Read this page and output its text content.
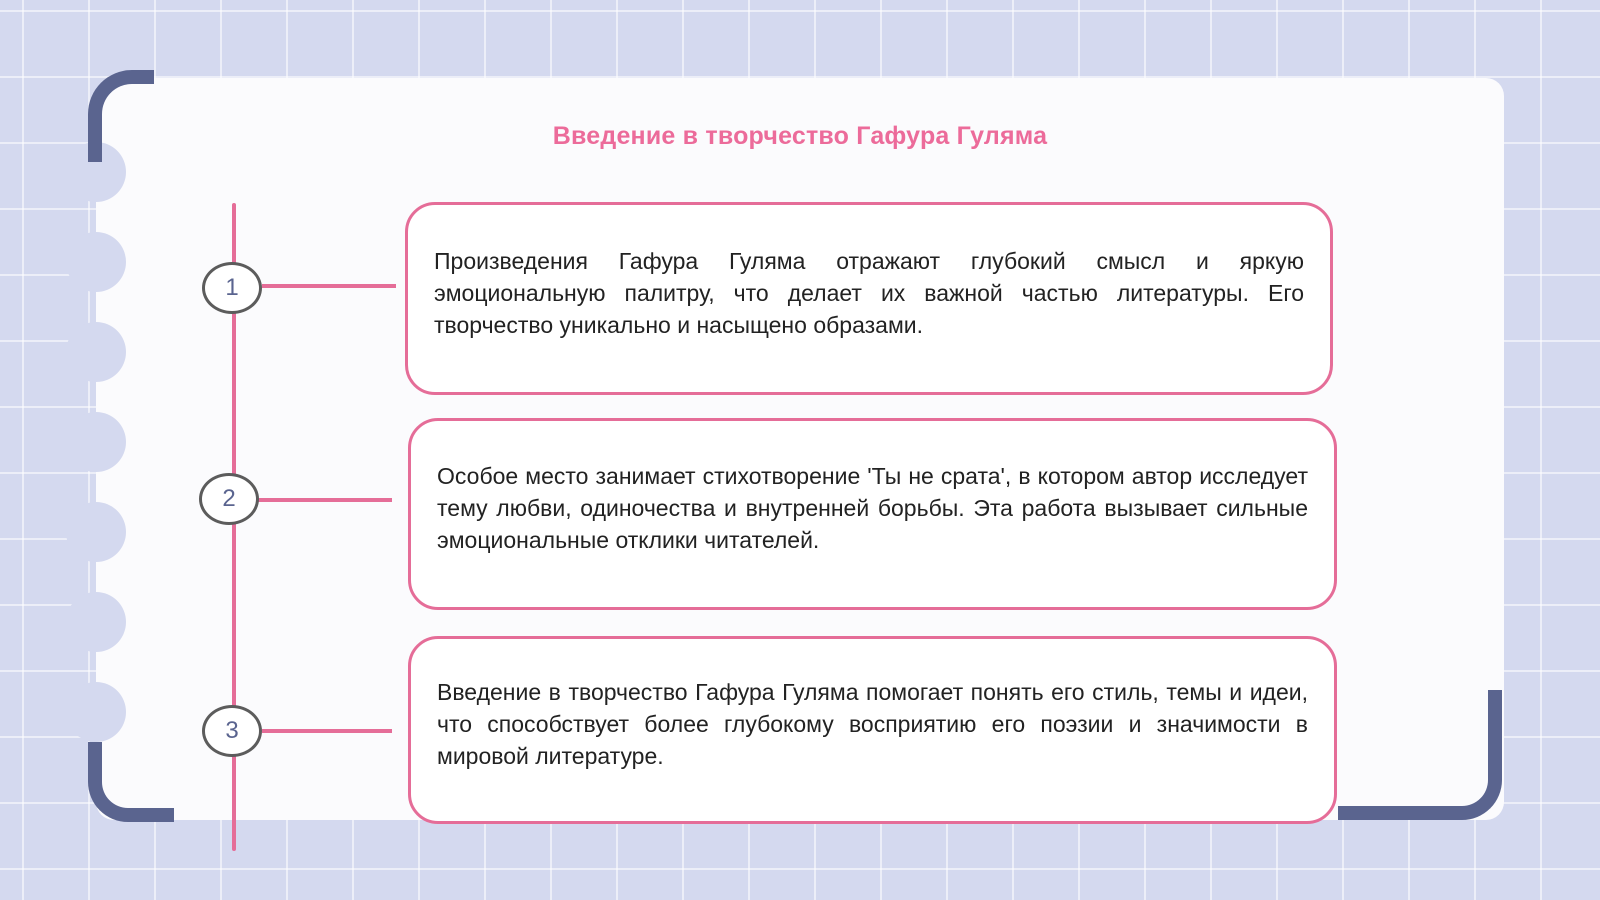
Введение в творчество Гафура Гуляма
1

Произведения Гафура Гуляма отражают глубокий смысл и яркую эмоциональную палитру, что делает их важной частью литературы. Его творчество уникально и насыщено образами.

2

Особое место занимает стихотворение 'Ты не срата', в котором автор исследует тему любви, одиночества и внутренней борьбы. Эта работа вызывает сильные эмоциональные отклики читателей.

3

Введение в творчество Гафура Гуляма помогает понять его стиль, темы и идеи, что способствует более глубокому восприятию его поэзии и значимости в мировой литературе.
